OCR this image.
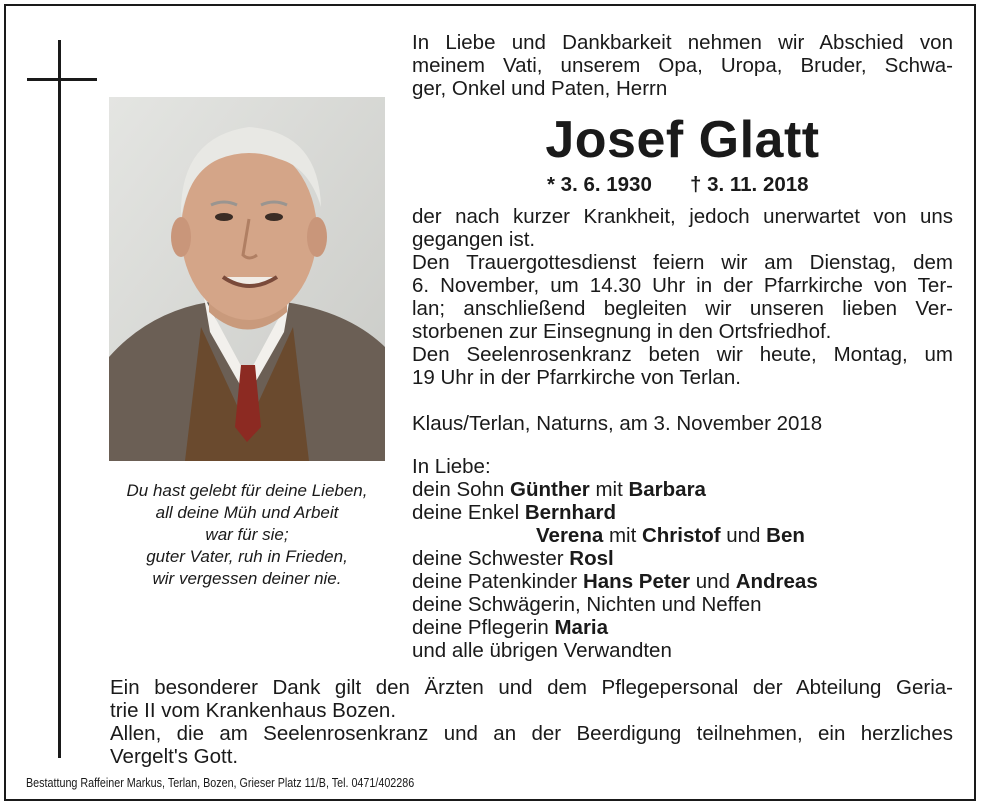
Du hast gelebt für deine Lieben,
all deine Müh und Arbeit
war für sie;
guter Vater, ruh in Frieden,
wir vergessen deiner nie.
In Liebe und Dankbarkeit nehmen wir Abschied von
meinem Vati, unserem Opa, Uropa, Bruder, Schwa-
ger, Onkel und Paten, Herrn
Josef Glatt
* 3. 6. 1930 † 3. 11. 2018
der nach kurzer Krankheit, jedoch unerwartet von uns
gegangen ist.
Den Trauergottesdienst feiern wir am Dienstag, dem
6. November, um 14.30 Uhr in der Pfarrkirche von Ter-
lan; anschließend begleiten wir unseren lieben Ver-
storbenen zur Einsegnung in den Ortsfriedhof.
Den Seelenrosenkranz beten wir heute, Montag, um
19 Uhr in der Pfarrkirche von Terlan.
Klaus/Terlan, Naturns, am 3. November 2018
In Liebe:
dein Sohn Günther mit Barbara
deine Enkel Bernhard
Verena mit Christof und Ben
deine Schwester Rosl
deine Patenkinder Hans Peter und Andreas
deine Schwägerin, Nichten und Neffen
deine Pflegerin Maria
und alle übrigen Verwandten
Ein besonderer Dank gilt den Ärzten und dem Pflegepersonal der Abteilung Geria-
trie II vom Krankenhaus Bozen.
Allen, die am Seelenrosenkranz und an der Beerdigung teilnehmen, ein herzliches
Vergelt's Gott.
Bestattung Raffeiner Markus, Terlan, Bozen, Grieser Platz 11/B, Tel. 0471/402286
